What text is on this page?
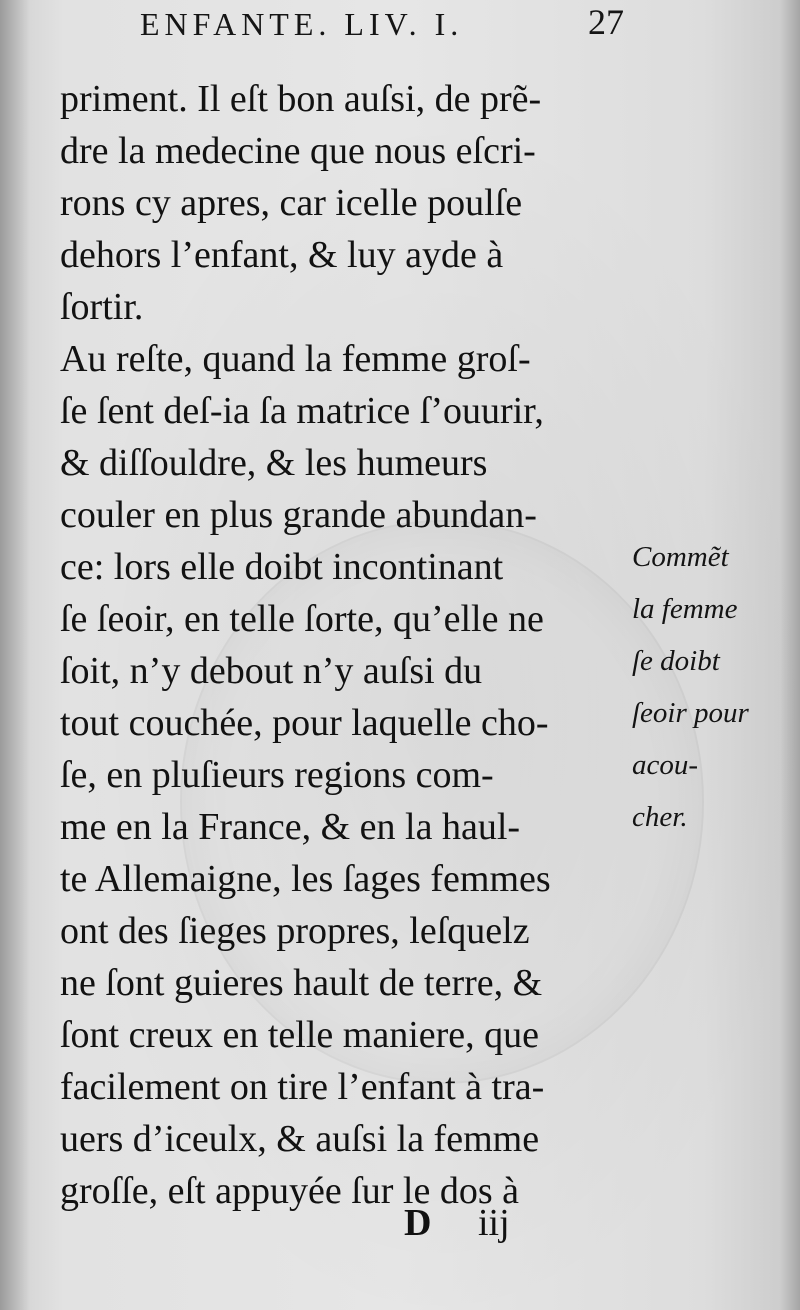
ENFANTE. LIV. I.	27
priment. Il eſt bon auſsi, de prẽ-
dre la medecine que nous eſcri-
rons cy apres, car icelle poulſe
dehors l’enfant, & luy ayde à
ſortir.
Au reſte, quand la femme groſ-
ſe ſent deſ-ia ſa matrice ſ’ouurir,
& diſſouldre, & les humeurs
couler en plus grande abundan-
ce: lors elle doibt incontinant
ſe ſeoir, en telle ſorte, qu’elle ne
ſoit, n’y debout n’y auſsi du
tout couchée, pour laquelle cho-
ſe, en pluſieurs regions com-
me en la France, & en la haul-
te Allemaigne, les ſages femmes
ont des ſieges propres, leſquelz
ne ſont guieres hault de terre, &
ſont creux en telle maniere, que
facilement on tire l’enfant à tra-
uers d’iceulx, & auſsi la femme
groſſe, eſt appuyée ſur le dos à
Commẽt
la femme
ſe doibt
ſeoir pour
acou-
cher.
D iij
